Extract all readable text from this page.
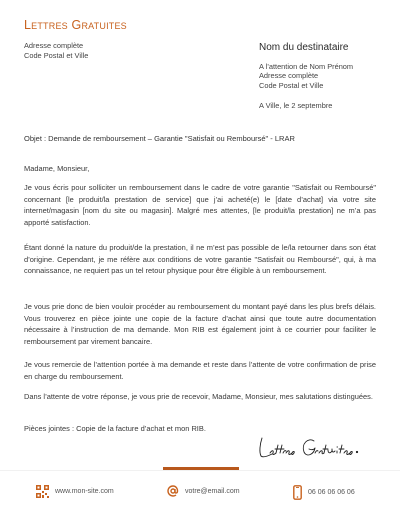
Lettres Gratuites
Adresse complète
Code Postal et Ville
Nom du destinataire
A l’attention de Nom Prénom
Adresse complète
Code Postal et Ville
A Ville, le 2 septembre
Objet : Demande de remboursement – Garantie "Satisfait ou Remboursé" - LRAR

Madame, Monsieur,

Je vous écris pour solliciter un remboursement dans le cadre de votre garantie "Satisfait ou Remboursé" concernant [le produit/la prestation de service] que j’ai acheté(e) le [date d’achat] via votre site internet/magasin [nom du site ou magasin]. Malgré mes attentes, [le produit/la prestation] ne m’a pas apporté satisfaction.

Étant donné la nature du produit/de la prestation, il ne m’est pas possible de le/la retourner dans son état d’origine. Cependant, je me réfère aux conditions de votre garantie "Satisfait ou Remboursé", qui, à ma connaissance, ne requiert pas un tel retour physique pour être éligible à un remboursement.

Je vous prie donc de bien vouloir procéder au remboursement du montant payé dans les plus brefs délais. Vous trouverez en pièce jointe une copie de la facture d’achat ainsi que toute autre documentation nécessaire à l’instruction de ma demande. Mon RIB est également joint à ce courrier pour faciliter le remboursement par virement bancaire.

Je vous remercie de l’attention portée à ma demande et reste dans l’attente de votre confirmation de prise en charge du remboursement.

Dans l’attente de votre réponse, je vous prie de recevoir, Madame, Monsieur, mes salutations distinguées.

Pièces jointes : Copie de la facture d’achat et mon RIB.

www.mon-site.com	votre@email.com	06 06 06 06 06
